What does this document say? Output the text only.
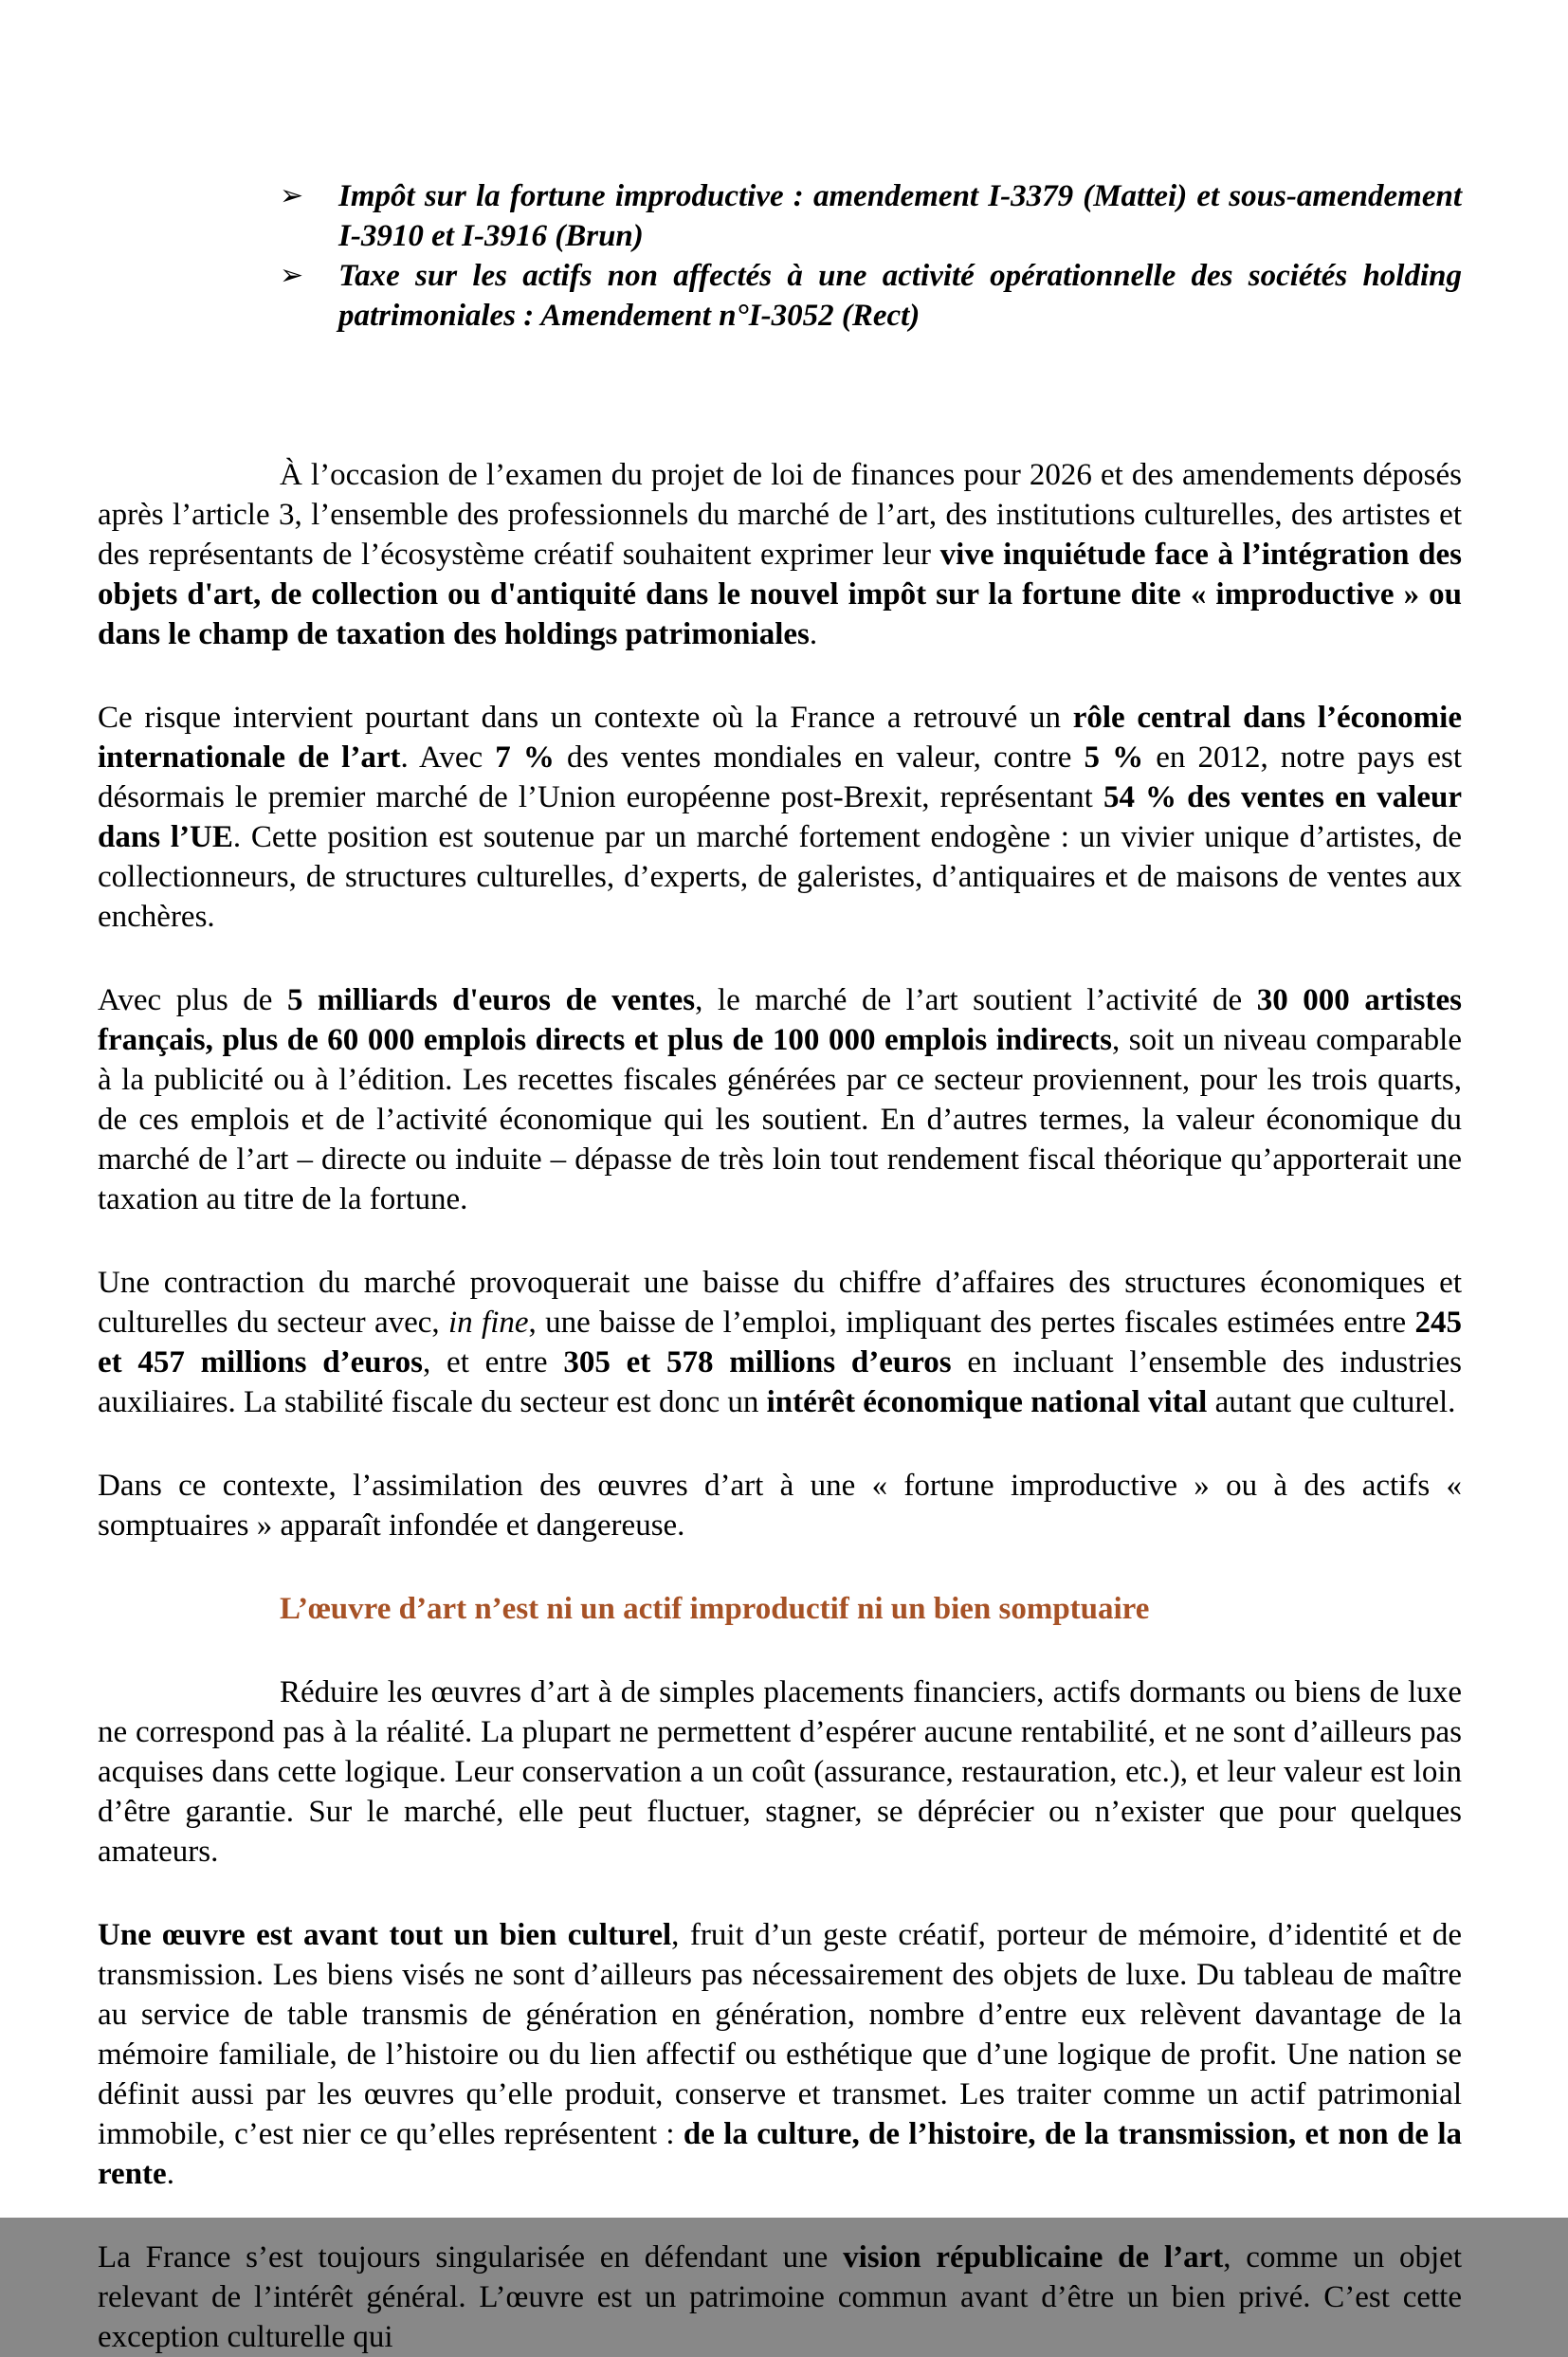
➢	Impôt sur la fortune improductive : amendement I-3379 (Mattei) et sous-amendement I-3910 et I-3916 (Brun)
➢	Taxe sur les actifs non affectés à une activité opérationnelle des sociétés holding patrimoniales : Amendement n°I-3052 (Rect)

À l’occasion de l’examen du projet de loi de finances pour 2026 et des amendements déposés après l’article 3, l’ensemble des professionnels du marché de l’art, des institutions culturelles, des artistes et des représentants de l’écosystème créatif souhaitent exprimer leur vive inquiétude face à l’intégration des objets d'art, de collection ou d'antiquité dans le nouvel impôt sur la fortune dite « improductive » ou dans le champ de taxation des holdings patrimoniales.

Ce risque intervient pourtant dans un contexte où la France a retrouvé un rôle central dans l’économie internationale de l’art. Avec 7 % des ventes mondiales en valeur, contre 5 % en 2012, notre pays est désormais le premier marché de l’Union européenne post-Brexit, représentant 54 % des ventes en valeur dans l’UE. Cette position est soutenue par un marché fortement endogène : un vivier unique d’artistes, de collectionneurs, de structures culturelles, d’experts, de galeristes, d’antiquaires et de maisons de ventes aux enchères.

Avec plus de 5 milliards d'euros de ventes, le marché de l’art soutient l’activité de 30 000 artistes français, plus de 60 000 emplois directs et plus de 100 000 emplois indirects, soit un niveau comparable à la publicité ou à l’édition. Les recettes fiscales générées par ce secteur proviennent, pour les trois quarts, de ces emplois et de l’activité économique qui les soutient. En d’autres termes, la valeur économique du marché de l’art – directe ou induite – dépasse de très loin tout rendement fiscal théorique qu’apporterait une taxation au titre de la fortune.

Une contraction du marché provoquerait une baisse du chiffre d’affaires des structures économiques et culturelles du secteur avec, in fine, une baisse de l’emploi, impliquant des pertes fiscales estimées entre 245 et 457 millions d’euros, et entre 305 et 578 millions d’euros en incluant l’ensemble des industries auxiliaires. La stabilité fiscale du secteur est donc un intérêt économique national vital autant que culturel.

Dans ce contexte, l’assimilation des œuvres d’art à une « fortune improductive » ou à des actifs « somptuaires » apparaît infondée et dangereuse.

L’œuvre d’art n’est ni un actif improductif ni un bien somptuaire

Réduire les œuvres d’art à de simples placements financiers, actifs dormants ou biens de luxe ne correspond pas à la réalité. La plupart ne permettent d’espérer aucune rentabilité, et ne sont d’ailleurs pas acquises dans cette logique. Leur conservation a un coût (assurance, restauration, etc.), et leur valeur est loin d’être garantie. Sur le marché, elle peut fluctuer, stagner, se déprécier ou n’exister que pour quelques amateurs.

Une œuvre est avant tout un bien culturel, fruit d’un geste créatif, porteur de mémoire, d’identité et de transmission. Les biens visés ne sont d’ailleurs pas nécessairement des objets de luxe. Du tableau de maître au service de table transmis de génération en génération, nombre d’entre eux relèvent davantage de la mémoire familiale, de l’histoire ou du lien affectif ou esthétique que d’une logique de profit. Une nation se définit aussi par les œuvres qu’elle produit, conserve et transmet. Les traiter comme un actif patrimonial immobile, c’est nier ce qu’elles représentent : de la culture, de l’histoire, de la transmission, et non de la rente.

La France s’est toujours singularisée en défendant une vision républicaine de l’art, comme un objet relevant de l’intérêt général. L’œuvre est un patrimoine commun avant d’être un bien privé. C’est cette exception culturelle qui
